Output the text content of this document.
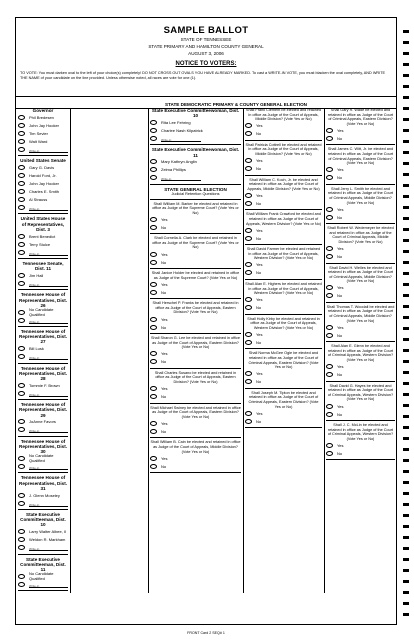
SAMPLE BALLOT
STATE OF TENNESSEE
STATE PRIMARY AND HAMILTON COUNTY GENERAL
AUGUST 3, 2006
NOTICE TO VOTERS:
TO VOTE: You must darken oval to the left of your choice(s) completely! DO NOT CROSS OUT OVALS YOU HAVE ALREADY MARKED. To cast a WRITE-IN VOTE, you must blacken the oval completely, AND WRITE THE NAME of your candidate on the line provided. Unless otherwise noted, all races are vote for one (1).
STATE DEMOCRATIC PRIMARY & COUNTY GENERAL ELECTION
Governor
Phil Bredesen
John Jay Hooker
Tim Sevier
Walt Ward
Write-in
United States Senate
Gary G. Davis
Harold Ford, Jr.
John Jay Hooker
Charles E. Smith
Al Strauss
Write-in
United States House of Representatives, Dist. 3
Brent Benedict
Terry Stulce
Write-in
Tennessee Senate, Dist. 11
Jim Hall
Write-in
Tennessee House of Representatives, Dist. 26
No Candidate Qualified
Write-in
Tennessee House of Representatives, Dist. 27
Bill Lusk
Write-in
Tennessee House of Representatives, Dist. 28
Tommie F. Brown
Write-in
Tennessee House of Representatives, Dist. 29
JoAnne Favors
Write-in
Tennessee House of Representatives, Dist. 30
No Candidate Qualified
Write-in
Tennessee House of Representatives, Dist. 31
J. Glenn Moseley
Write-in
State Executive Committeeman, Dist. 10
Larry Walter Albee, II
Weldon R. Markham
Write-in
State Executive Committeeman, Dist. 11
No Candidate Qualified
Write-in
State Executive Committeewoman, Dist. 10
Rita Lee Fehring
Charlee Nash Kilpatrick
Write-in
State Executive Committeewoman, Dist. 11
Mary Kathryn Anglin
Zelma Phillips
Write-in
STATE GENERAL ELECTION
Judicial Retention Questions
Shall William M. Barker be elected and retained in office as Judge of the Supreme Court? (Vote Yes or No)
Yes
No
Shall Cornelia A. Clark be elected and retained in office as Judge of the Supreme Court? (Vote Yes or No)
Yes
No
Shall Janice Holder be elected and retained in office as Judge of the Supreme Court? (Vote Yes or No)
Yes
No
Shall Herschel P. Franks be elected and retained in office as Judge of the Court of Appeals, Eastern Division? (Vote Yes or No)
Yes
No
Shall Sharon G. Lee be elected and retained in office as Judge of the Court of Appeals, Eastern Division? (Vote Yes or No)
Yes
No
Shall Charles Susano be elected and retained in office as Judge of the Court of Appeals, Eastern Division? (Vote Yes or No)
Yes
No
Shall Michael Swiney be elected and retained in office as Judge of the Court of Appeals, Eastern Division? (Vote Yes or No)
Yes
No
Shall William B. Cain be elected and retained in office as Judge of the Court of Appeals, Middle Division? (Vote Yes or No)
Yes
No
Shall Frank Clement be elected and retained in office as Judge of the Court of Appeals, Middle Division? (Vote Yes or No)
Yes
No
Shall Patricia Cottrell be elected and retained in office as Judge of the Court of Appeals, Middle Division? (Vote Yes or No)
Yes
No
Shall William C. Koch, Jr. be elected and retained in office as Judge of the Court of Appeals, Middle Division? (Vote Yes or No)
Yes
No
Shall William Frank Crawford be elected and retained in office as Judge of the Court of Appeals, Western Division? (Vote Yes or No)
Yes
No
Shall David Farmer be elected and retained in office as Judge of the Court of Appeals, Western Division? (Vote Yes or No)
Yes
No
Shall Alan E. Highers be elected and retained in office as Judge of the Court of Appeals, Western Division? (Vote Yes or No)
Yes
No
Shall Holly Kirby be elected and retained in office as Judge of the Court of Appeals, Western Division? (Vote Yes or No)
Yes
No
Shall Norma McGee Ogle be elected and retained in office as Judge of the Court of Criminal Appeals, Eastern Division? (Vote Yes or No)
Yes
No
Shall Joseph M. Tipton be elected and retained in office as Judge of the Court of Criminal Appeals, Eastern Division? (Vote Yes or No)
Yes
No
Shall Gary R. Wade be elected and retained in office as Judge of the Court of Criminal Appeals, Eastern Division? (Vote Yes or No)
Yes
No
Shall James C. Witt, Jr. be elected and retained in office as Judge of the Court of Criminal Appeals, Eastern Division? (Vote Yes or No)
Yes
No
Shall Jerry L. Smith be elected and retained in office as Judge of the Court of Criminal Appeals, Middle Division? (Vote Yes or No)
Yes
No
Shall Robert W. Wedemeyer be elected and retained in office as Judge of the Court of Criminal Appeals, Middle Division? (Vote Yes or No)
Yes
No
Shall David H. Welles be elected and retained in office as Judge of the Court of Criminal Appeals, Middle Division? (Vote Yes or No)
Yes
No
Shall Thomas T. Woodall be elected and retained in office as Judge of the Court of Criminal Appeals, Middle Division? (Vote Yes or No)
Yes
No
Shall Alan E. Glenn be elected and retained in office as Judge of the Court of Criminal Appeals, Western Division? (Vote Yes or No)
Yes
No
Shall David G. Hayes be elected and retained in office as Judge of the Court of Criminal Appeals, Western Division? (Vote Yes or No)
Yes
No
Shall J. C. McLin be elected and retained in office as Judge of the Court of Criminal Appeals, Western Division? (Vote Yes or No)
Yes
No
FRONT Card 2 SEQ# 1
